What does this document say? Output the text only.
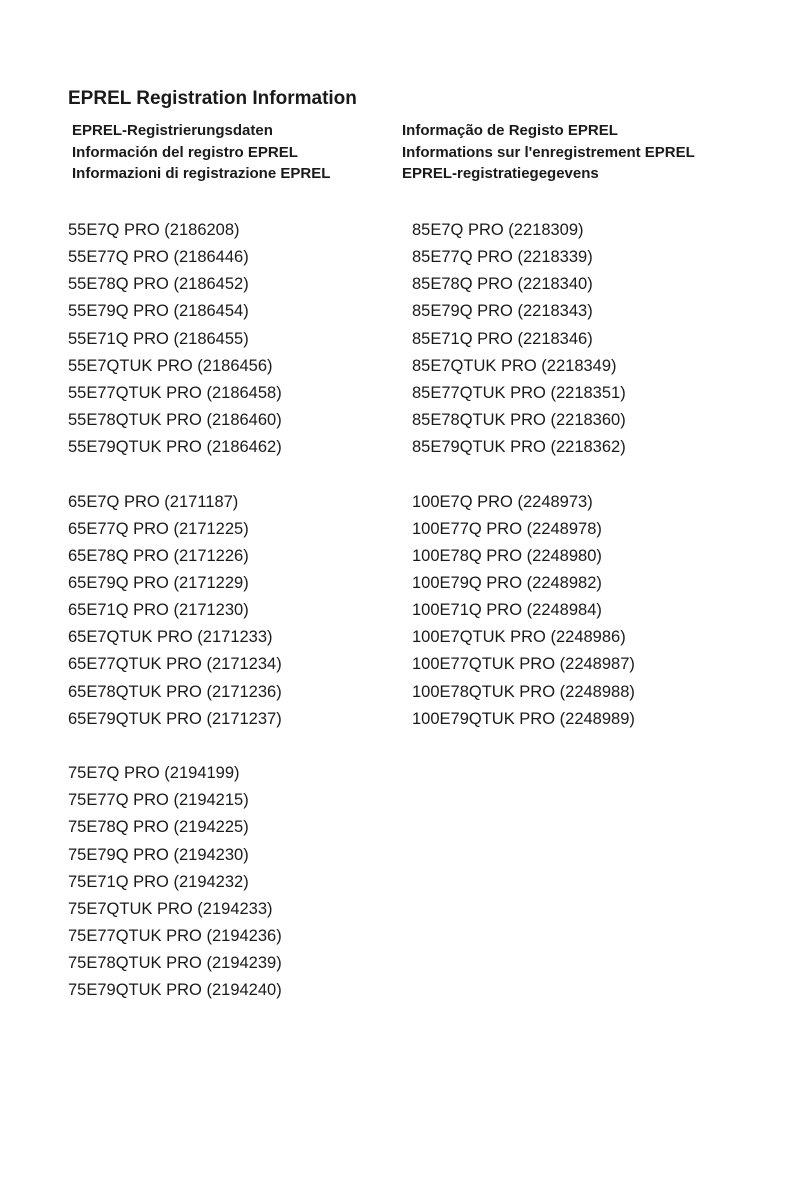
EPREL Registration Information
EPREL-Registrierungsdaten
Información del registro EPREL
Informazioni di registrazione EPREL
Informação de Registo EPREL
Informations sur l'enregistrement EPREL
EPREL-registratiegegevens
55E7Q PRO (2186208)
55E77Q PRO (2186446)
55E78Q PRO (2186452)
55E79Q PRO (2186454)
55E71Q PRO (2186455)
55E7QTUK PRO (2186456)
55E77QTUK PRO (2186458)
55E78QTUK PRO (2186460)
55E79QTUK PRO (2186462)
65E7Q PRO (2171187)
65E77Q PRO (2171225)
65E78Q PRO (2171226)
65E79Q PRO (2171229)
65E71Q PRO (2171230)
65E7QTUK PRO (2171233)
65E77QTUK PRO (2171234)
65E78QTUK PRO (2171236)
65E79QTUK PRO (2171237)
75E7Q PRO (2194199)
75E77Q PRO (2194215)
75E78Q PRO (2194225)
75E79Q PRO (2194230)
75E71Q PRO (2194232)
75E7QTUK PRO (2194233)
75E77QTUK PRO (2194236)
75E78QTUK PRO (2194239)
75E79QTUK PRO (2194240)
85E7Q PRO (2218309)
85E77Q PRO (2218339)
85E78Q PRO (2218340)
85E79Q PRO (2218343)
85E71Q PRO (2218346)
85E7QTUK PRO (2218349)
85E77QTUK PRO (2218351)
85E78QTUK PRO (2218360)
85E79QTUK PRO (2218362)
100E7Q PRO (2248973)
100E77Q PRO (2248978)
100E78Q PRO (2248980)
100E79Q PRO (2248982)
100E71Q PRO (2248984)
100E7QTUK PRO (2248986)
100E77QTUK PRO (2248987)
100E78QTUK PRO (2248988)
100E79QTUK PRO (2248989)
